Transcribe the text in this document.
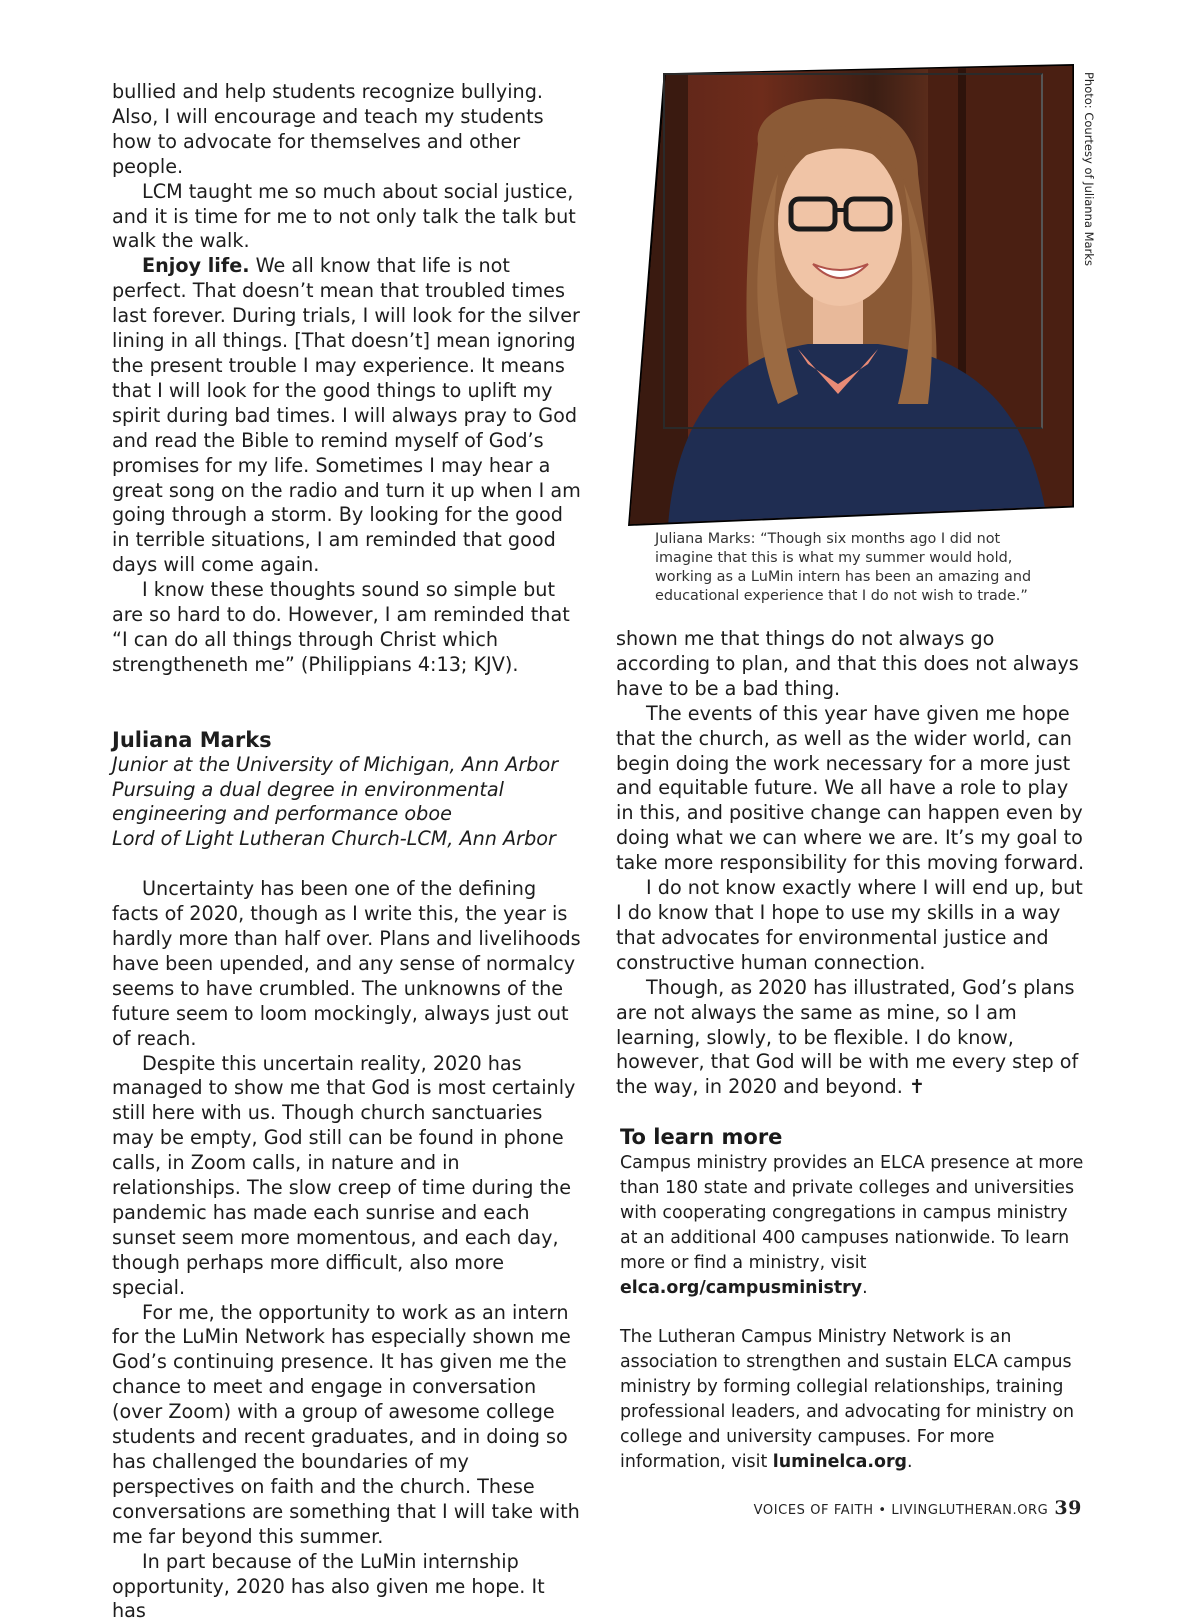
bullied and help students recognize bullying. Also, I will encourage and teach my students how to advocate for themselves and other people.

LCM taught me so much about social justice, and it is time for me to not only talk the talk but walk the walk.

Enjoy life. We all know that life is not perfect. That doesn’t mean that troubled times last forever. During trials, I will look for the silver lining in all things. [That doesn’t] mean ignoring the present trouble I may experience. It means that I will look for the good things to uplift my spirit during bad times. I will always pray to God and read the Bible to remind myself of God’s promises for my life. Sometimes I may hear a great song on the radio and turn it up when I am going through a storm. By looking for the good in terrible situations, I am reminded that good days will come again.

I know these thoughts sound so simple but are so hard to do. However, I am reminded that “I can do all things through Christ which strengtheneth me” (Philippians 4:13; KJV).

Juliana Marks

Junior at the University of Michigan, Ann Arbor

Pursuing a dual degree in environmental engineering and performance oboe

Lord of Light Lutheran Church-LCM, Ann Arbor

Uncertainty has been one of the defining facts of 2020, though as I write this, the year is hardly more than half over. Plans and livelihoods have been upended, and any sense of normalcy seems to have crumbled. The unknowns of the future seem to loom mockingly, always just out of reach.

Despite this uncertain reality, 2020 has managed to show me that God is most certainly still here with us. Though church sanctuaries may be empty, God still can be found in phone calls, in Zoom calls, in nature and in relationships. The slow creep of time during the pandemic has made each sunrise and each sunset seem more momentous, and each day, though perhaps more difficult, also more special.

For me, the opportunity to work as an intern for the LuMin Network has especially shown me God’s continuing presence. It has given me the chance to meet and engage in conversation (over Zoom) with a group of awesome college students and recent graduates, and in doing so has challenged the boundaries of my perspectives on faith and the church. These conversations are something that I will take with me far beyond this summer.

In part because of the LuMin internship opportunity, 2020 has also given me hope. It has

Photo: Courtesy of Julianna Marks
Juliana Marks: “Though six months ago I did not imagine that this is what my summer would hold, working as a LuMin intern has been an amazing and educational experience that I do not wish to trade.”

shown me that things do not always go according to plan, and that this does not always have to be a bad thing.

The events of this year have given me hope that the church, as well as the wider world, can begin doing the work necessary for a more just and equitable future. We all have a role to play in this, and positive change can happen even by doing what we can where we are. It’s my goal to take more responsibility for this moving forward.

I do not know exactly where I will end up, but I do know that I hope to use my skills in a way that advocates for environmental justice and constructive human connection.

Though, as 2020 has illustrated, God’s plans are not always the same as mine, so I am learning, slowly, to be flexible. I do know, however, that God will be with me every step of the way, in 2020 and beyond. ✝

To learn more

Campus ministry provides an ELCA presence at more than 180 state and private colleges and universities with cooperating congregations in campus ministry at an additional 400 campuses nationwide. To learn more or find a ministry, visit elca.org/campusministry.

The Lutheran Campus Ministry Network is an association to strengthen and sustain ELCA campus ministry by forming collegial relationships, training professional leaders, and advocating for ministry on college and university campuses. For more information, visit luminelca.org.

VOICES OF FAITH • LIVINGLUTHERAN.ORG 39
